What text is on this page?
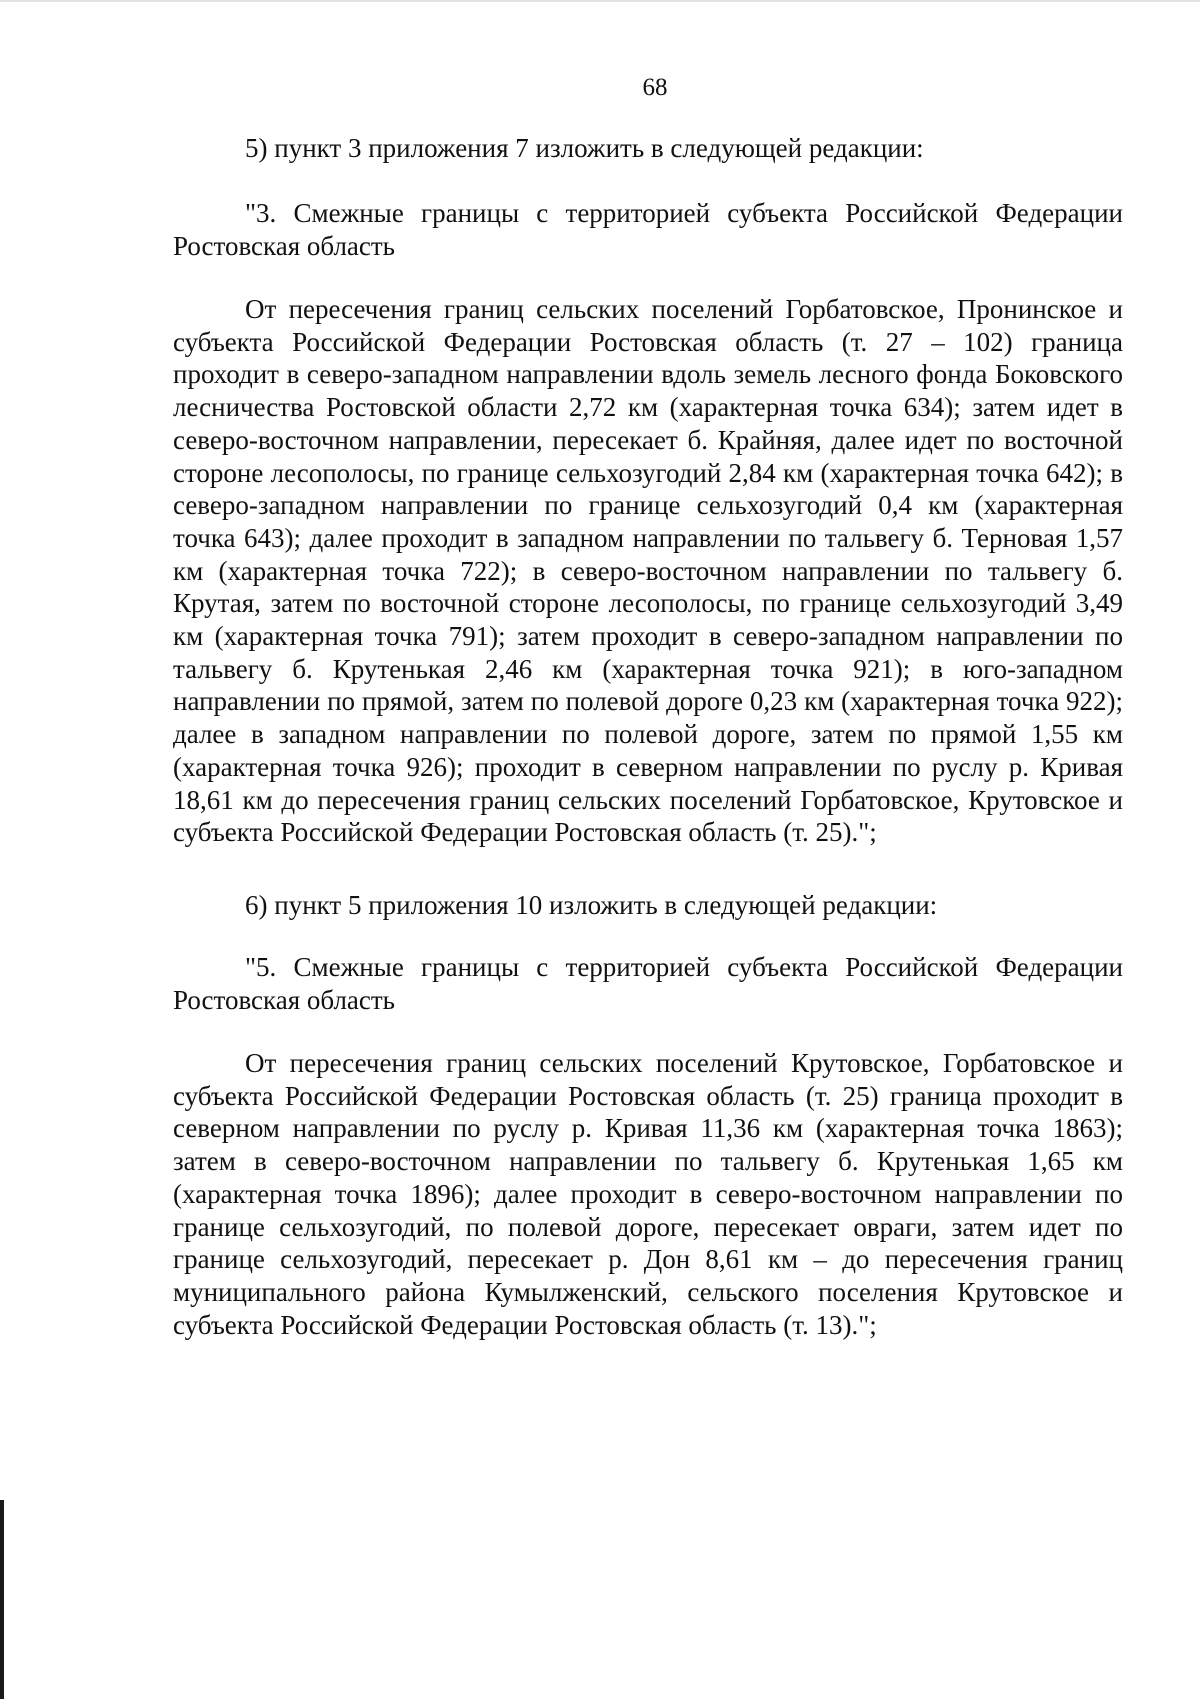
68

5) пункт 3 приложения 7 изложить в следующей редакции:

"3. Смежные границы с территорией субъекта Российской Федерации Ростовская область

От пересечения границ сельских поселений Горбатовское, Пронинское и субъекта Российской Федерации Ростовская область (т. 27 – 102) граница проходит в северо-западном направлении вдоль земель лесного фонда Боковского лесничества Ростовской области 2,72 км (характерная точка 634); затем идет в северо-восточном направлении, пересекает б. Крайняя, далее идет по восточной стороне лесополосы, по границе сельхозугодий 2,84 км (характерная точка 642); в северо-западном направлении по границе сельхозугодий 0,4 км (характерная точка 643); далее проходит в западном направлении по тальвегу б. Терновая 1,57 км (характерная точка 722); в северо-восточном направлении по тальвегу б. Крутая, затем по восточной стороне лесополосы, по границе сельхозугодий 3,49 км (характерная точка 791); затем проходит в северо-западном направлении по тальвегу б. Крутенькая 2,46 км (характерная точка 921); в юго-западном направлении по прямой, затем по полевой дороге 0,23 км (характерная точка 922); далее в западном направлении по полевой дороге, затем по прямой 1,55 км (характерная точка 926); проходит в северном направлении по руслу р. Кривая 18,61 км до пересечения границ сельских поселений Горбатовское, Крутовское и субъекта Российской Федерации Ростовская область (т. 25).";

6) пункт 5 приложения 10 изложить в следующей редакции:

"5. Смежные границы с территорией субъекта Российской Федерации Ростовская область

От пересечения границ сельских поселений Крутовское, Горбатовское и субъекта Российской Федерации Ростовская область (т. 25) граница проходит в северном направлении по руслу р. Кривая 11,36 км (характерная точка 1863); затем в северо-восточном направлении по тальвегу б. Крутенькая 1,65 км (характерная точка 1896); далее проходит в северо-восточном направлении по границе сельхозугодий, по полевой дороге, пересекает овраги, затем идет по границе сельхозугодий, пересекает р. Дон 8,61 км – до пересечения границ муниципального района Кумылженский, сельского поселения Крутовское и субъекта Российской Федерации Ростовская область (т. 13).";
